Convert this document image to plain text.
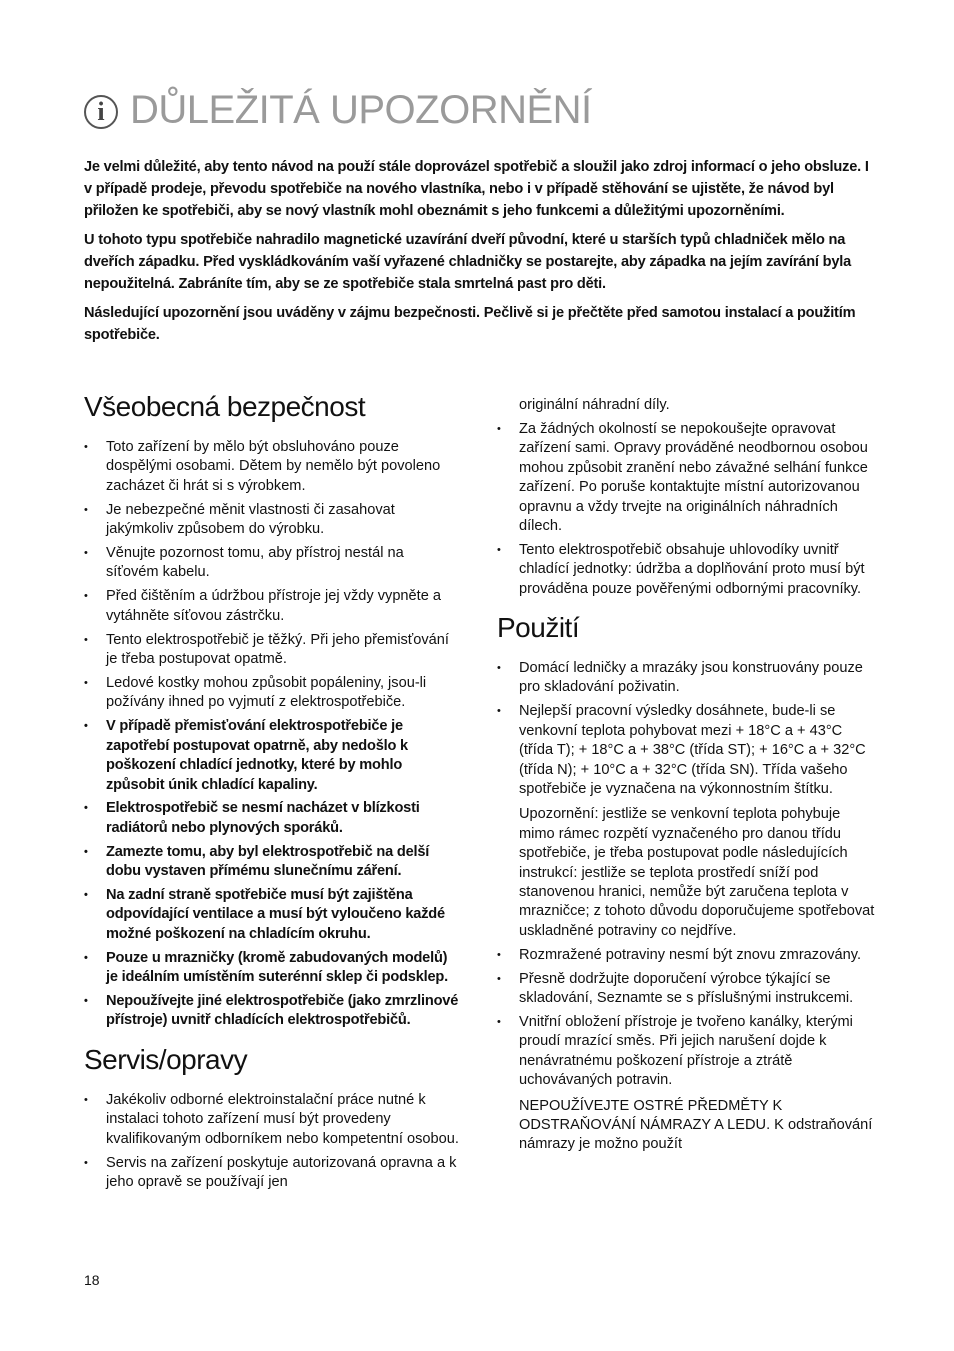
i DŮLEŽITÁ UPOZORNĚNÍ

Je velmi důležité, aby tento návod na použí stále doprovázel spotřebič a sloužil jako zdroj informací o jeho obsluze. I v případě prodeje, převodu spotřebiče na nového vlastníka, nebo i v případě stěhování se ujistěte, že návod byl přiložen ke spotřebiči, aby se nový vlastník mohl obeznámit s jeho funkcemi a důležitými upozorněními.

U tohoto typu spotřebiče nahradilo magnetické uzavírání dveří původní, které u starších typů chladniček mělo na dveřích západku. Před vyskládkováním vaší vyřazené chladničky se postarejte, aby západka na jejím zavírání byla nepoužitelná. Zabráníte tím, aby se ze spotřebiče stala smrtelná past pro děti.

Následující upozornění jsou uváděny v zájmu bezpečnosti. Pečlivě si je přečtěte před samotou instalací a použitím spotřebiče.

Všeobecná bezpečnost
• Toto zařízení by mělo být obsluhováno pouze dospělými osobami. Dětem by nemělo být povoleno zacházet či hrát si s výrobkem.
• Je nebezpečné měnit vlastnosti či zasahovat jakýmkoliv způsobem do výrobku.
• Věnujte pozornost tomu, aby přístroj nestál na síťovém kabelu.
• Před čištěním a údržbou přístroje jej vždy vypněte a vytáhněte síťovou zástrčku.
• Tento elektrospotřebič je těžký. Při jeho přemisťování je třeba postupovat opatmě.
• Ledové kostky mohou způsobit popáleniny, jsou-li požívány ihned po vyjmutí z elektrospotřebiče.
• V případě přemisťování elektrospotřebiče je zapotřebí postupovat opatrně, aby nedošlo k poškození chladící jednotky, které by mohlo způsobit únik chladící kapaliny.
• Elektrospotřebič se nesmí nacházet v blízkosti radiátorů nebo plynových sporáků.
• Zamezte tomu, aby byl elektrospotřebič na delší dobu vystaven přímému slunečnímu záření.
• Na zadní straně spotřebiče musí být zajištěna odpovídající ventilace a musí být vyloučeno každé možné poškození na chladícím okruhu.
• Pouze u mrazničky (kromě zabudovaných modelů) je ideálním umístěním suterénní sklep či podsklep.
• Nepoužívejte jiné elektrospotřebiče (jako zmrzlinové přístroje) uvnitř chladících elektrospotřebičů.
Servis/opravy
• Jakékoliv odborné elektroinstalační práce nutné k instalaci tohoto zařízení musí být provedeny kvalifikovaným odborníkem nebo kompetentní osobou.
• Servis na zařízení poskytuje autorizovaná opravna a k jeho opravě se používají jen
originální náhradní díly.
• Za žádných okolností se nepokoušejte opravovat zařízení sami. Opravy prováděné neodbornou osobou mohou způsobit zranění nebo závažné selhání funkce zařízení. Po poruše kontaktujte místní autorizovanou opravnu a vždy trvejte na originálních náhradních dílech.
• Tento elektrospotřebič obsahuje uhlovodíky uvnitř chladící jednotky: údržba a doplňování proto musí být prováděna pouze pověřenými odbornými pracovníky.
Použití
• Domácí ledničky a mrazáky jsou konstruovány pouze pro skladování poživatin.
• Nejlepší pracovní výsledky dosáhnete, bude-li se venkovní teplota pohybovat mezi + 18°C a + 43°C (třída T); + 18°C a + 38°C (třída ST); + 16°C a + 32°C (třída N); + 10°C a + 32°C (třída SN). Třída vašeho spotřebiče je vyznačena na výkonnostním štítku.
Upozornění: jestliže se venkovní teplota pohybuje mimo rámec rozpětí vyznačeného pro danou třídu spotřebiče, je třeba postupovat podle následujících instrukcí: jestliže se teplota prostředí sníží pod stanovenou hranici, nemůže být zaručena teplota v mrazničce; z tohoto důvodu doporučujeme spotřebovat uskladněné potraviny co nejdříve.
• Rozmražené potraviny nesmí být znovu zmrazovány.
• Přesně dodržujte doporučení výrobce týkající se skladování, Seznamte se s příslušnými instrukcemi.
• Vnitřní obložení přístroje je tvořeno kanálky, kterými proudí mrazící směs. Při jejich narušení dojde k nenávratnému poškození přístroje a ztrátě uchovávaných potravin.
NEPOUŽÍVEJTE OSTRÉ PŘEDMĚTY K ODSTRAŇOVÁNÍ NÁMRAZY A LEDU. K odstraňování námrazy je možno použít
18
